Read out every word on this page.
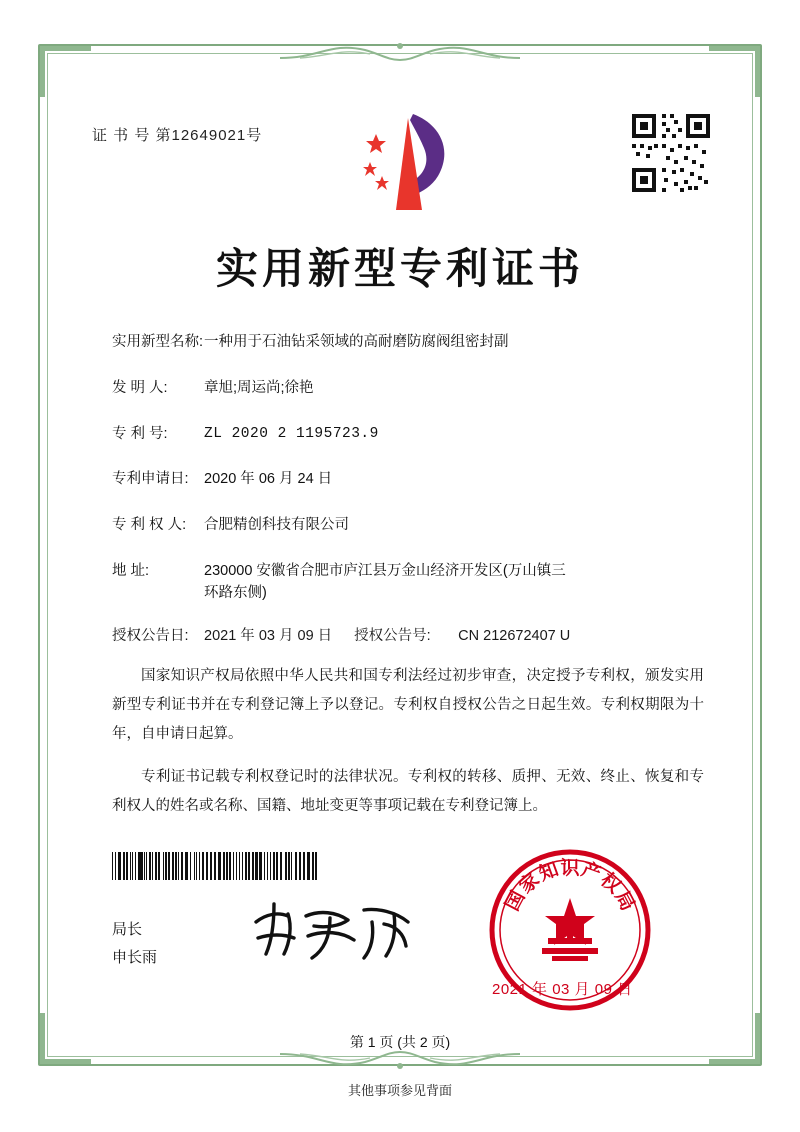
证 书 号 第12649021号
实用新型专利证书
实用新型名称: 一种用于石油钻采领域的高耐磨防腐阀组密封副
发 明 人:	章旭;周运尚;徐艳
专 利 号:	ZL 2020 2 1195723.9
专利申请日:	2020 年 06 月 24 日
专 利 权 人:	合肥精创科技有限公司
地 址:	230000 安徽省合肥市庐江县万金山经济开发区(万山镇三
环路东侧)
授权公告日:	2021 年 03 月 09 日 授权公告号:	CN 212672407 U

国家知识产权局依照中华人民共和国专利法经过初步审查，决定授予专利权，颁发实用新型专利证书并在专利登记簿上予以登记。专利权自授权公告之日起生效。专利权期限为十年，自申请日起算。

专利证书记载专利权登记时的法律状况。专利权的转移、质押、无效、终止、恢复和专利权人的姓名或名称、国籍、地址变更等事项记载在专利登记簿上。

局长
申长雨
国
家
知 识 产
权
局
2021 年 03 月 09 日
第 1 页 (共 2 页)
其他事项参见背面
